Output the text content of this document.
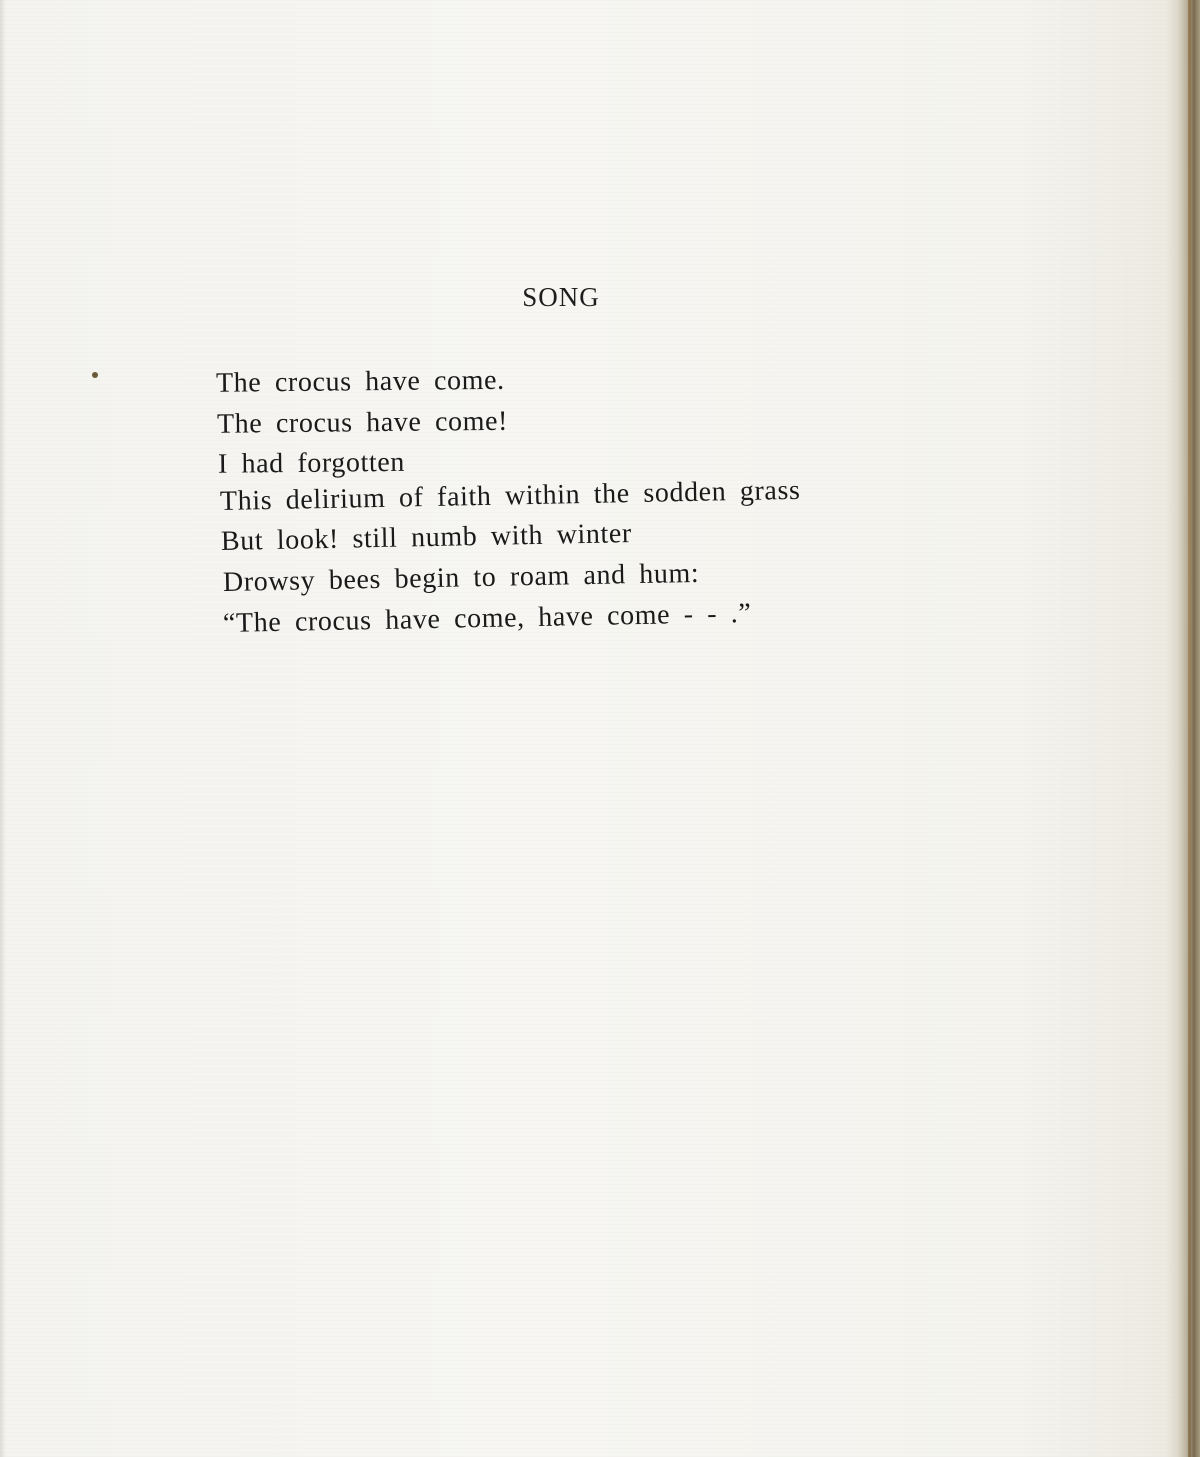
SONG
The crocus have come.
The crocus have come!
I had forgotten
This delirium of faith within the sodden grass
But look! still numb with winter
Drowsy bees begin to roam and hum:
“The crocus have come, have come - - .”
